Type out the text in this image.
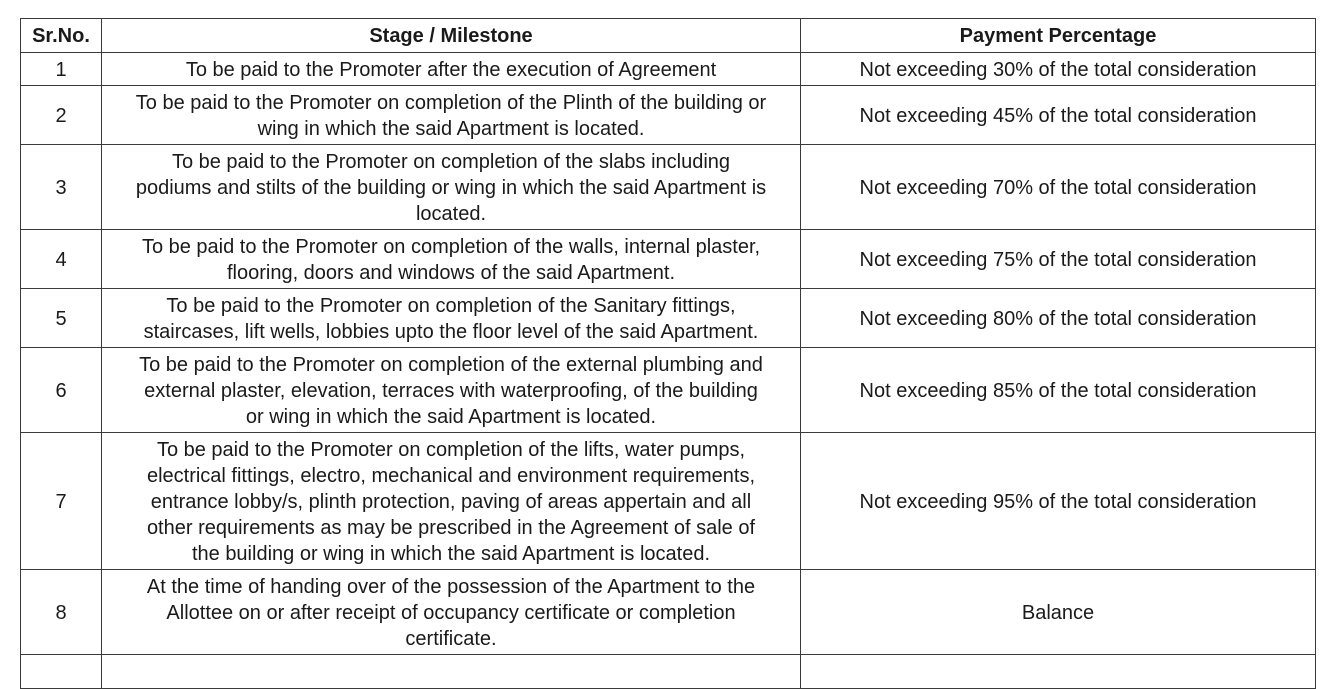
Sr.No.	Stage / Milestone	Payment Percentage
1	To be paid to the Promoter after the execution of Agreement	Not exceeding 30% of the total consideration
2	To be paid to the Promoter on completion of the Plinth of the building or
wing in which the said Apartment is located.	Not exceeding 45% of the total consideration
3	To be paid to the Promoter on completion of the slabs including
podiums and stilts of the building or wing in which the said Apartment is
located.	Not exceeding 70% of the total consideration
4	To be paid to the Promoter on completion of the walls, internal plaster,
flooring, doors and windows of the said Apartment.	Not exceeding 75% of the total consideration
5	To be paid to the Promoter on completion of the Sanitary fittings,
staircases, lift wells, lobbies upto the floor level of the said Apartment.	Not exceeding 80% of the total consideration
6	To be paid to the Promoter on completion of the external plumbing and
external plaster, elevation, terraces with waterproofing, of the building
or wing in which the said Apartment is located.	Not exceeding 85% of the total consideration
7	To be paid to the Promoter on completion of the lifts, water pumps,
electrical fittings, electro, mechanical and environment requirements,
entrance lobby/s, plinth protection, paving of areas appertain and all
other requirements as may be prescribed in the Agreement of sale of
the building or wing in which the said Apartment is located.	Not exceeding 95% of the total consideration
8	At the time of handing over of the possession of the Apartment to the
Allottee on or after receipt of occupancy certificate or completion
certificate.	Balance
